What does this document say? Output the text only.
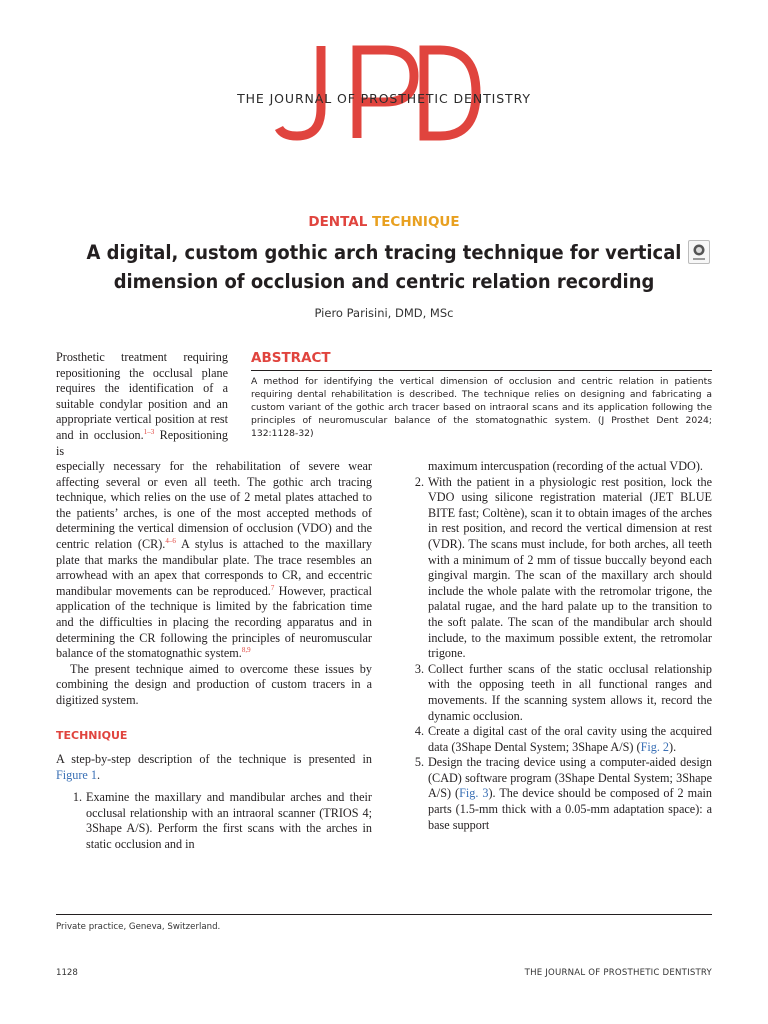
THE JOURNAL OF PROSTHETIC DENTISTRY
DENTAL TECHNIQUE
A digital, custom gothic arch tracing technique for vertical
dimension of occlusion and centric relation recording
Piero Parisini, DMD, MSc
ABSTRACT
A method for identifying the vertical dimension of occlusion and centric relation in patients requiring dental rehabilitation is described. The technique relies on designing and fabricating a custom variant of the gothic arch tracer based on intraoral scans and its application following the principles of neuromuscular balance of the stomatognathic system. (J Prosthet Dent 2024; 132:1128-32)
Prosthetic treatment requiring repositioning the occlusal plane requires the identification of a suitable condylar position and an appropriate vertical position at rest and in occlusion.$^{1-3}$ Repositioning is

especially necessary for the rehabilitation of severe wear affecting several or even all teeth. The gothic arch tracing technique, which relies on the use of 2 metal plates attached to the patients’ arches, is one of the most accepted methods of determining the vertical dimension of occlusion (VDO) and the centric relation (CR).$^{4-6}$ A stylus is attached to the maxillary plate that marks the mandibular plate. The trace resembles an arrowhead with an apex that corresponds to CR, and eccentric mandibular movements can be reproduced.$^7$ However, practical application of the technique is limited by the fabrication time and the difficulties in placing the recording apparatus and in determining the CR following the principles of neuromuscular balance of the stomatognathic system.$^{8,9}$

The present technique aimed to overcome these issues by combining the design and production of custom tracers in a digitized system.

TECHNIQUE

A step-by-step description of the technique is presented in Figure 1.

1. Examine the maxillary and mandibular arches and their occlusal relationship with an intraoral scanner (TRIOS 4; 3Shape A/S). Perform the first scans with the arches in static occlusion and in
maximum intercuspation (recording of the actual VDO).
2. With the patient in a physiologic rest position, lock the VDO using silicone registration material (JET BLUE BITE fast; Coltène), scan it to obtain images of the arches in rest position, and record the vertical dimension at rest (VDR). The scans must include, for both arches, all teeth with a minimum of 2 mm of tissue buccally beyond each gingival margin. The scan of the maxillary arch should include the whole palate with the retromolar trigone, the palatal rugae, and the hard palate up to the transition to the soft palate. The scan of the mandibular arch should include, to the maximum possible extent, the retromolar trigone.
3. Collect further scans of the static occlusal relationship with the opposing teeth in all functional ranges and movements. If the scanning system allows it, record the dynamic occlusion.
4. Create a digital cast of the oral cavity using the acquired data (3Shape Dental System; 3Shape A/S) (Fig. 2).
5. Design the tracing device using a computer-aided design (CAD) software program (3Shape Dental System; 3Shape A/S) (Fig. 3). The device should be composed of 2 main parts (1.5-mm thick with a 0.05-mm adaptation space): a base support
Private practice, Geneva, Switzerland.
1128	THE JOURNAL OF PROSTHETIC DENTISTRY
